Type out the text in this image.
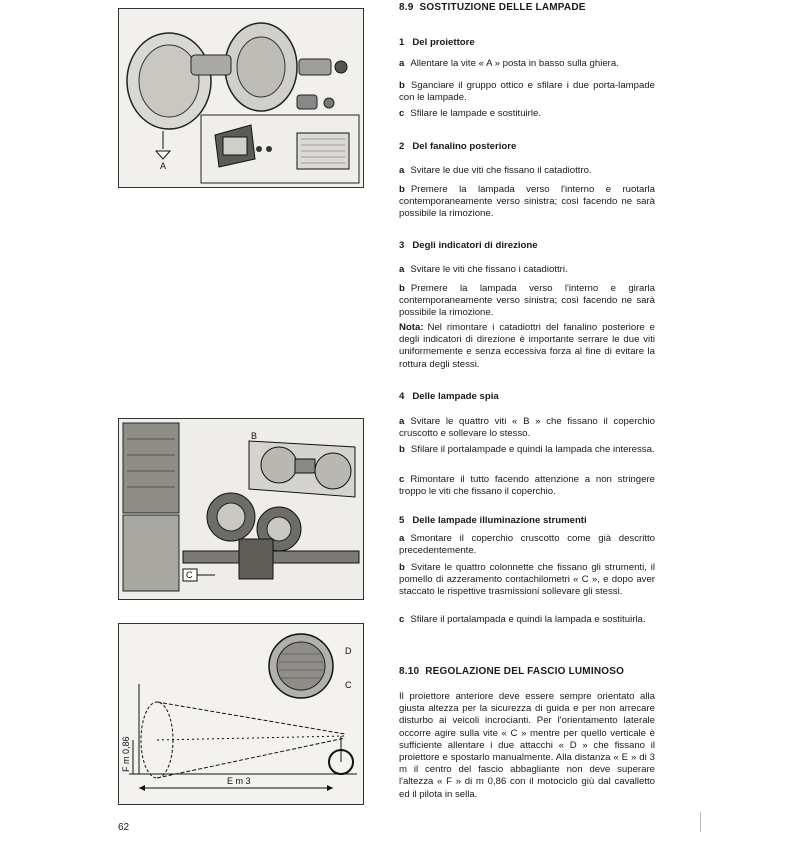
A
B
C
F m 0,86
E m 3
D
C
8.9 SOSTITUZIONE DELLE LAMPADE
1 Del proiettore

a Allentare la vite « A » posta in basso sulla ghiera.

b Sganciare il gruppo ottico e sfilare i due porta-lampade con le lampade.

c Sfilare le lampade e sostituirle.

2 Del fanalino posteriore

a Svitare le due viti che fissano il catadiottro.

b Premere la lampada verso l'interno e ruotarla contemporaneamente verso sinistra; così facendo ne sarà possibile la rimozione.

3 Degli indicatori di direzione

a Svitare le viti che fissano i catadiottri.

b Premere la lampada verso l'interno e girarla contemporaneamente verso sinistra; così facendo ne sarà possibile la rimozione.

Nota: Nel rimontare i catadiottri del fanalino posteriore e degli indicatori di direzione è importante serrare le due viti uniformemente e senza eccessiva forza al fine di evitare la rottura degli stessi.

4 Delle lampade spia

a Svitare le quattro viti « B » che fissano il coperchio cruscotto e sollevare lo stesso.

b Sfilare il portalampade e quindi la lampada che interessa.

c Rimontare il tutto facendo attenzione a non stringere troppo le viti che fissano il coperchio.

5 Delle lampade illuminazione strumenti

a Smontare il coperchio cruscotto come già descritto precedentemente.

b Svitare le quattro colonnette che fissano gli strumenti, il pomello di azzeramento contachilometri « C », e dopo aver staccato le rispettive trasmissioni sollevare gli stessi.

c Sfilare il portalampada e quindi la lampada e sostituirla.

8.10 REGOLAZIONE DEL FASCIO LUMINOSO

Il proiettore anteriore deve essere sempre orientato alla giusta altezza per la sicurezza di guida e per non arrecare disturbo ai veicoli incrocianti. Per l'orientamento laterale occorre agire sulla vite « C » mentre per quello verticale è sufficiente allentare i due attacchi « D » che fissano il proiettore e spostarlo manualmente. Alla distanza « E » di 3 m il centro del fascio abbagliante non deve superare l'altezza « F » di m 0,86 con il motociclo giù dal cavalletto ed il pilota in sella.

62
